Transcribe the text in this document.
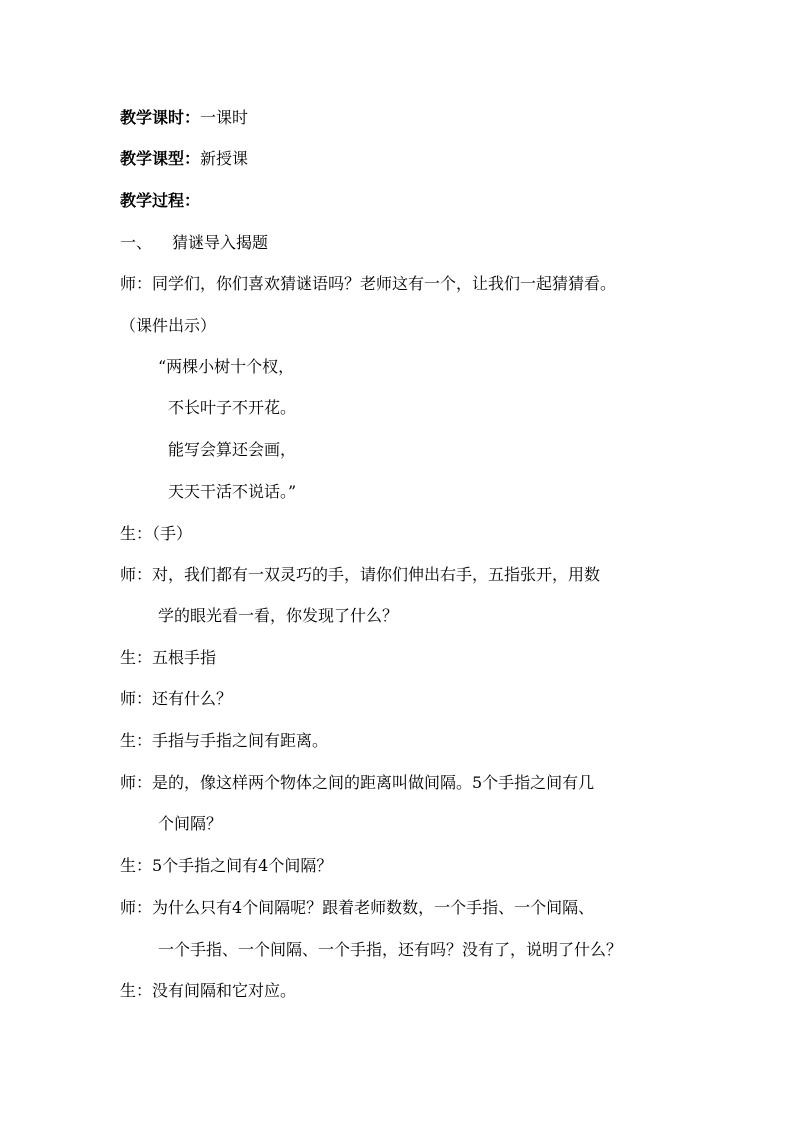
教学课时：一课时
教学课型：新授课
教学过程：
一、 猜谜导入揭题
师：同学们，你们喜欢猜谜语吗？老师这有一个，让我们一起猜猜看。
（课件出示）
“两棵小树十个杈，
不长叶子不开花。
能写会算还会画，
天天干活不说话。”
生：（手）
师：对，我们都有一双灵巧的手，请你们伸出右手，五指张开，用数
学的眼光看一看，你发现了什么？
生：五根手指
师：还有什么？
生：手指与手指之间有距离。
师：是的，像这样两个物体之间的距离叫做间隔。5个手指之间有几
个间隔？
生：5个手指之间有4个间隔？
师：为什么只有4个间隔呢？跟着老师数数，一个手指、一个间隔、
一个手指、一个间隔、一个手指，还有吗？没有了，说明了什么？
生：没有间隔和它对应。
